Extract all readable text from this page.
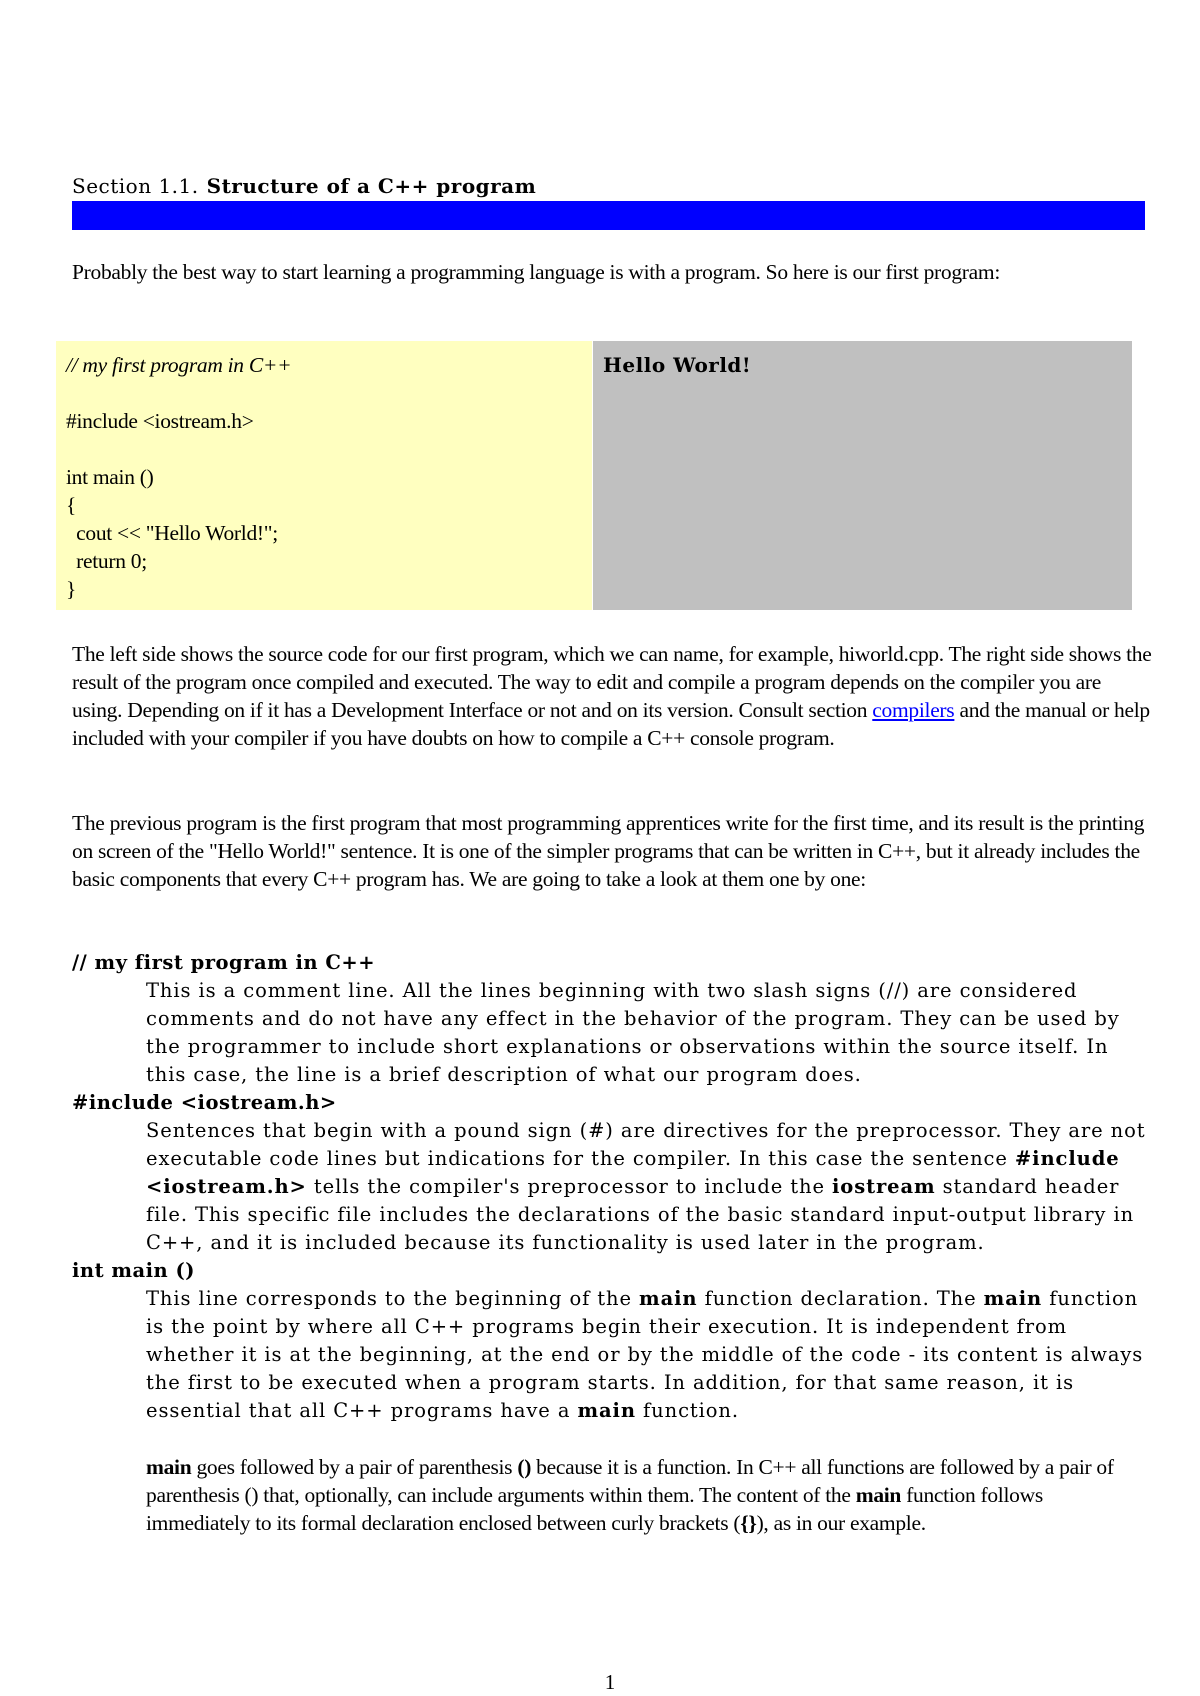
Section 1.1. Structure of a C++ program
Probably the best way to start learning a programming language is with a program. So here is our first program:
// my first program in C++

#include <iostream.h>

int main ()
{
cout << "Hello World!";
return 0;
}
Hello World!
The left side shows the source code for our first program, which we can name, for example, hiworld.cpp. The right side shows the result of the program once compiled and executed. The way to edit and compile a program depends on the compiler you are using. Depending on if it has a Development Interface or not and on its version. Consult section compilers and the manual or help included with your compiler if you have doubts on how to compile a C++ console program.
The previous program is the first program that most programming apprentices write for the first time, and its result is the printing on screen of the "Hello World!" sentence. It is one of the simpler programs that can be written in C++, but it already includes the basic components that every C++ program has. We are going to take a look at them one by one:
// my first program in C++
This is a comment line. All the lines beginning with two slash signs (//) are considered comments and do not have any effect in the behavior of the program. They can be used by the programmer to include short explanations or observations within the source itself. In this case, the line is a brief description of what our program does.
#include <iostream.h>
Sentences that begin with a pound sign (#) are directives for the preprocessor. They are not executable code lines but indications for the compiler. In this case the sentence #include <iostream.h> tells the compiler's preprocessor to include the iostream standard header file. This specific file includes the declarations of the basic standard input-output library in C++, and it is included because its functionality is used later in the program.
int main ()
This line corresponds to the beginning of the main function declaration. The main function is the point by where all C++ programs begin their execution. It is independent from whether it is at the beginning, at the end or by the middle of the code - its content is always the first to be executed when a program starts. In addition, for that same reason, it is essential that all C++ programs have a main function.
main goes followed by a pair of parenthesis () because it is a function. In C++ all functions are followed by a pair of parenthesis () that, optionally, can include arguments within them. The content of the main function follows immediately to its formal declaration enclosed between curly brackets ({}), as in our example.
1
